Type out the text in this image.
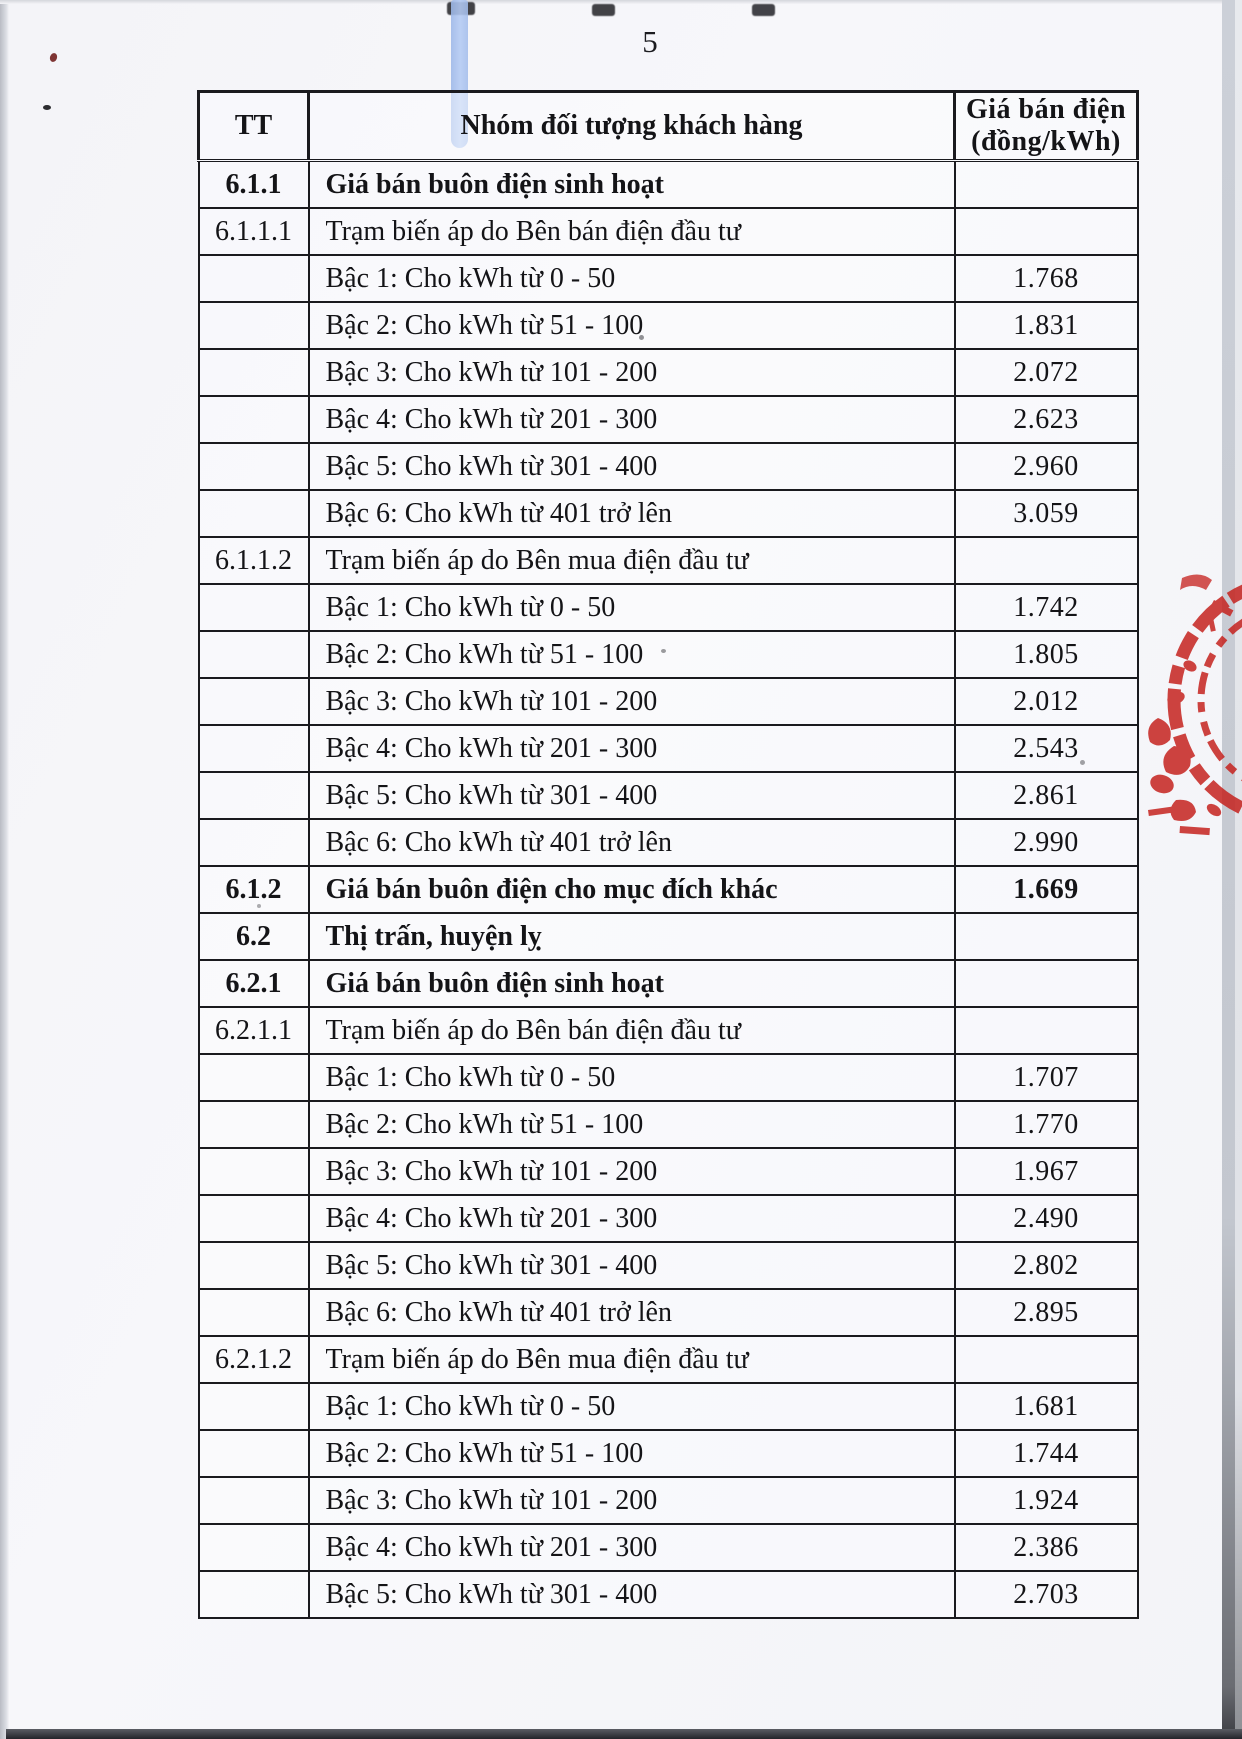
5
TT	Nhóm đối tượng khách hàng	Giá bán điện
(đồng/kWh)

6.1.1	Giá bán buôn điện sinh hoạt	
6.1.1.1	Trạm biến áp do Bên bán điện đầu tư	
	Bậc 1: Cho kWh từ 0 - 50	1.768
	Bậc 2: Cho kWh từ 51 - 100	1.831
	Bậc 3: Cho kWh từ 101 - 200	2.072
	Bậc 4: Cho kWh từ 201 - 300	2.623
	Bậc 5: Cho kWh từ 301 - 400	2.960
	Bậc 6: Cho kWh từ 401 trở lên	3.059
6.1.1.2	Trạm biến áp do Bên mua điện đầu tư	
	Bậc 1: Cho kWh từ 0 - 50	1.742
	Bậc 2: Cho kWh từ 51 - 100	1.805
	Bậc 3: Cho kWh từ 101 - 200	2.012
	Bậc 4: Cho kWh từ 201 - 300	2.543
	Bậc 5: Cho kWh từ 301 - 400	2.861
	Bậc 6: Cho kWh từ 401 trở lên	2.990
6.1.2	Giá bán buôn điện cho mục đích khác	1.669
6.2	Thị trấn, huyện lỵ	
6.2.1	Giá bán buôn điện sinh hoạt	
6.2.1.1	Trạm biến áp do Bên bán điện đầu tư	
	Bậc 1: Cho kWh từ 0 - 50	1.707
	Bậc 2: Cho kWh từ 51 - 100	1.770
	Bậc 3: Cho kWh từ 101 - 200	1.967
	Bậc 4: Cho kWh từ 201 - 300	2.490
	Bậc 5: Cho kWh từ 301 - 400	2.802
	Bậc 6: Cho kWh từ 401 trở lên	2.895
6.2.1.2	Trạm biến áp do Bên mua điện đầu tư	
	Bậc 1: Cho kWh từ 0 - 50	1.681
	Bậc 2: Cho kWh từ 51 - 100	1.744
	Bậc 3: Cho kWh từ 101 - 200	1.924
	Bậc 4: Cho kWh từ 201 - 300	2.386
	Bậc 5: Cho kWh từ 301 - 400	2.703
